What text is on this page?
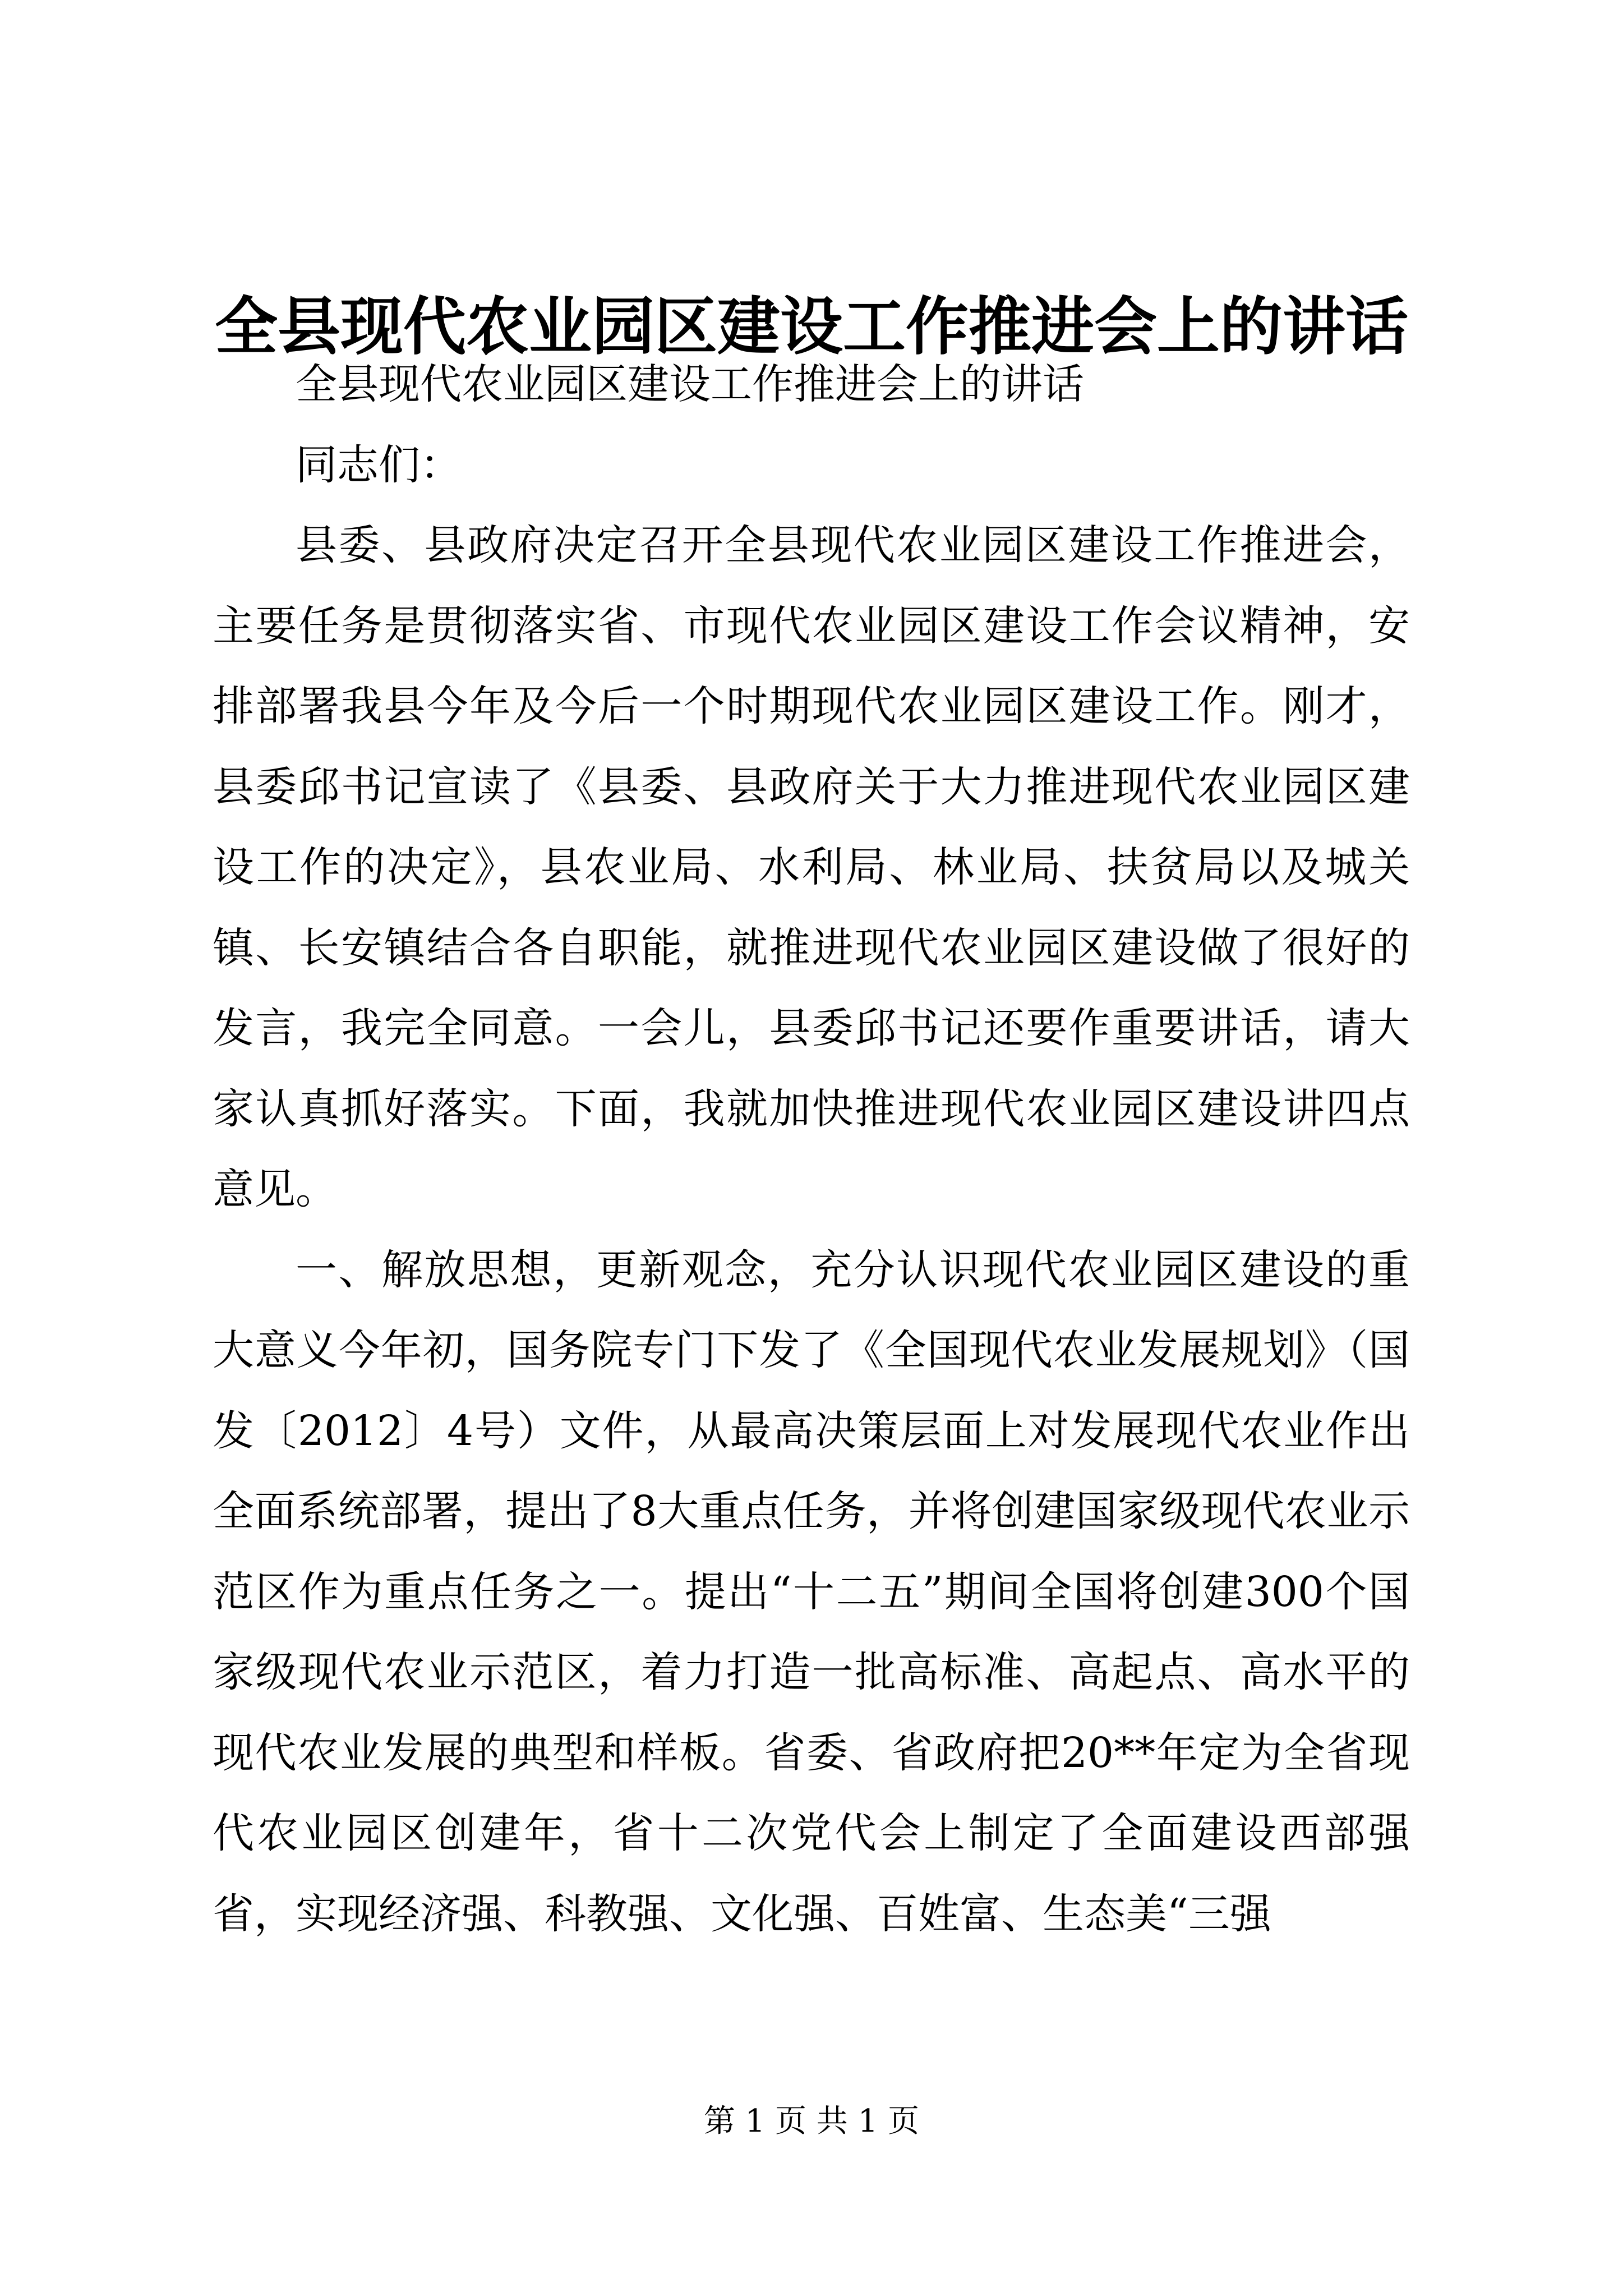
全县现代农业园区建设工作推进会上的讲话

全县现代农业园区建设工作推进会上的讲话

同志们：

县委、县政府决定召开全县现代农业园区建设工作推进会，主要任务是贯彻落实省、市现代农业园区建设工作会议精神，安排部署我县今年及今后一个时期现代农业园区建设工作。刚才，县委邱书记宣读了《县委、县政府关于大力推进现代农业园区建设工作的决定》，县农业局、水利局、林业局、扶贫局以及城关镇、长安镇结合各自职能，就推进现代农业园区建设做了很好的发言，我完全同意。一会儿，县委邱书记还要作重要讲话，请大家认真抓好落实。下面，我就加快推进现代农业园区建设讲四点意见。

一、解放思想，更新观念，充分认识现代农业园区建设的重大意义今年初，国务院专门下发了《全国现代农业发展规划》（国发〔2012〕4号）文件，从最高决策层面上对发展现代农业作出全面系统部署，提出了8大重点任务，并将创建国家级现代农业示范区作为重点任务之一。提出“十二五”期间全国将创建300个国家级现代农业示范区，着力打造一批高标准、高起点、高水平的现代农业发展的典型和样板。省委、省政府把20**年定为全省现代农业园区创建年，省十二次党代会上制定了全面建设西部强省，实现经济强、科教强、文化强、百姓富、生态美“三强

第 1 页 共 1 页
